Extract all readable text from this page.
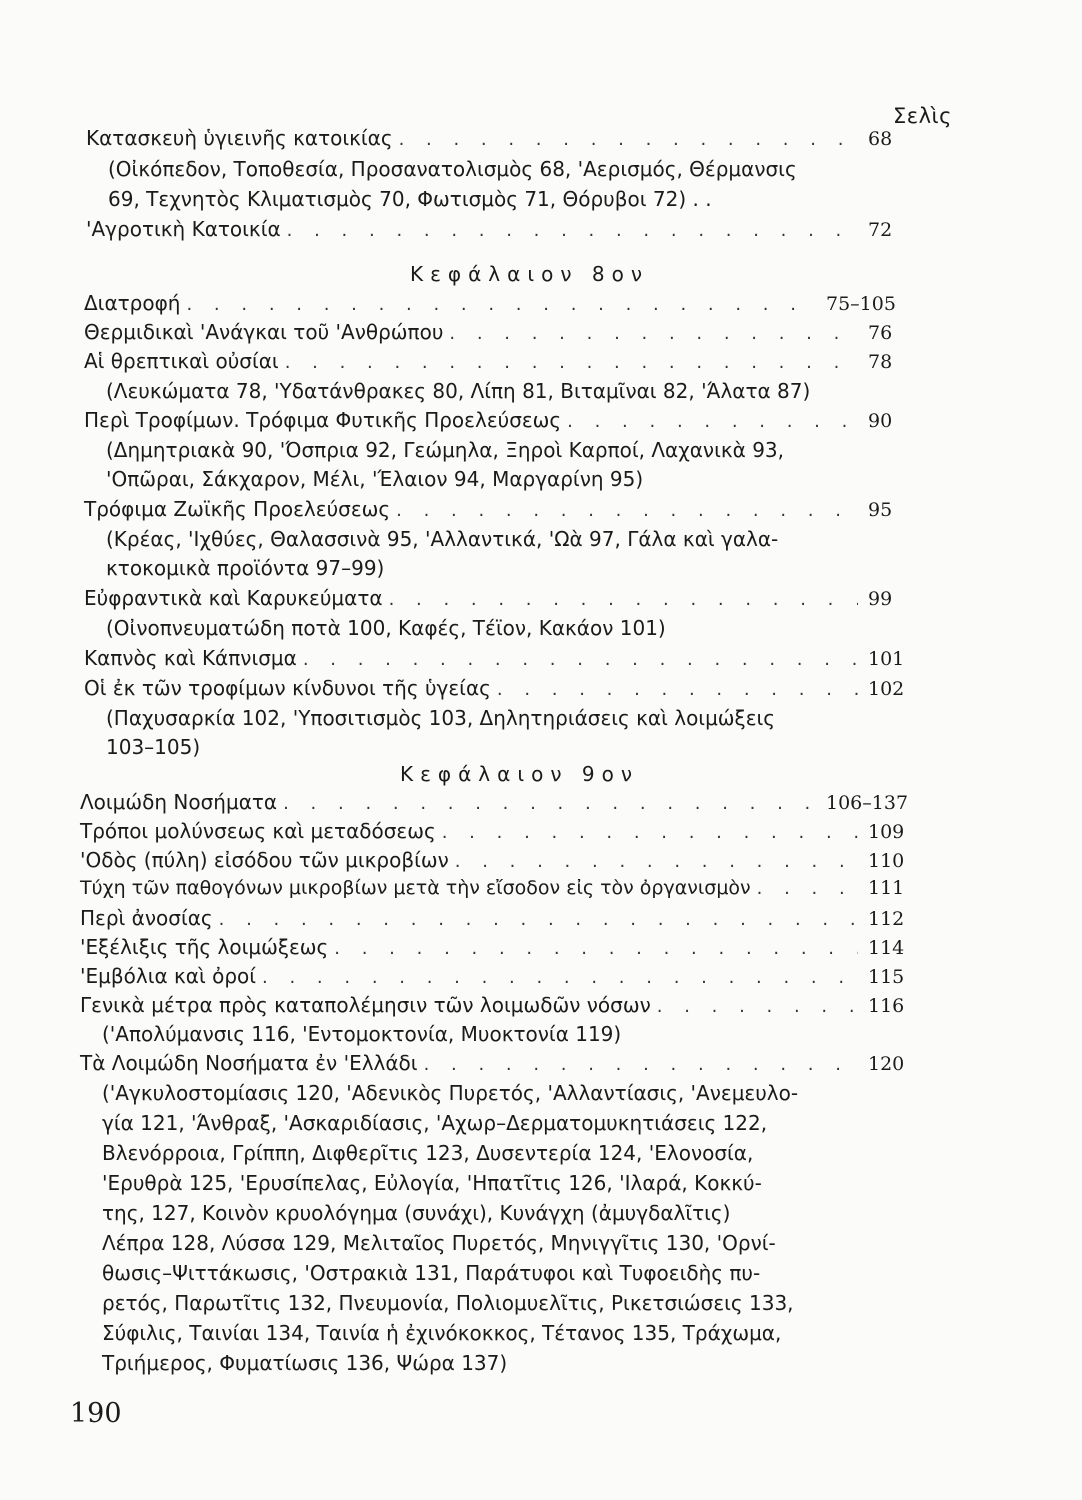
Σελὶς
Κατασκευὴ ὑγιεινῆς κατοικίας . . .	68
(Οἰκόπεδον, Τοποθεσία, Προσανατολισμὸς 68, 'Αερισμός, Θέρμανσις
69, Τεχνητὸς Κλιματισμὸς 70, Φωτισμὸς 71, Θόρυβοι 72) . .
'Αγροτικὴ Κατοικία . . .	72
Κεφάλαιον 8ον
Διατροφή . . .	75–105
Θερμιδικαὶ 'Ανάγκαι τοῦ 'Ανθρώπου . . .	76
Αἱ θρεπτικαὶ οὐσίαι . . .	78
(Λευκώματα 78, 'Υδατάνθρακες 80, Λίπη 81, Βιταμῖναι 82, 'Άλατα 87)
Περὶ Τροφίμων. Τρόφιμα Φυτικῆς Προελεύσεως . . .	90
(Δημητριακὰ 90, 'Όσπρια 92, Γεώμηλα, Ξηροὶ Καρποί, Λαχανικὰ 93,
'Οπῶραι, Σάκχαρον, Μέλι, 'Έλαιον 94, Μαργαρίνη 95)
Τρόφιμα Ζωϊκῆς Προελεύσεως . . .	95
(Κρέας, 'Ιχθύες, Θαλασσινὰ 95, 'Αλλαντικά, 'Ωὰ 97, Γάλα καὶ γαλα-
κτοκομικὰ προϊόντα 97–99)
Εὐφραντικὰ καὶ Καρυκεύματα . . .	99
(Οἰνοπνευματώδη ποτὰ 100, Καφές, Τέϊον, Κακάον 101)
Καπνὸς καὶ Κάπνισμα . . .	101
Οἱ ἐκ τῶν τροφίμων κίνδυνοι τῆς ὑγείας . . .	102
(Παχυσαρκία 102, 'Υποσιτισμὸς 103, Δηλητηριάσεις καὶ λοιμώξεις
103–105)
Κεφάλαιον 9ον
Λοιμώδη Νοσήματα . . .	106–137
Τρόποι μολύνσεως καὶ μεταδόσεως . . .	109
'Οδὸς (πύλη) εἰσόδου τῶν μικροβίων . . .	110
Τύχη τῶν παθογόνων μικροβίων μετὰ τὴν εἴσοδον εἰς τὸν ὀργανισμὸν . . .	111
Περὶ ἀνοσίας . . .	112
'Εξέλιξις τῆς λοιμώξεως . . .	114
'Εμβόλια καὶ ὀροί . . .	115
Γενικὰ μέτρα πρὸς καταπολέμησιν τῶν λοιμωδῶν νόσων . . .	116
('Απολύμανσις 116, 'Εντομοκτονία, Μυοκτονία 119)
Τὰ Λοιμώδη Νοσήματα ἐν 'Ελλάδι . . .	120
('Αγκυλοστομίασις 120, 'Αδενικὸς Πυρετός, 'Αλλαντίασις, 'Ανεμευλο-
γία 121, 'Άνθραξ, 'Ασκαριδίασις, 'Αχωρ–Δερματομυκητιάσεις 122,
Βλενόρροια, Γρίππη, Διφθερῖτις 123, Δυσεντερία 124, 'Ελονοσία,
'Ερυθρὰ 125, 'Ερυσίπελας, Εὐλογία, 'Ηπατῖτις 126, 'Ιλαρά, Κοκκύ-
της, 127, Κοινὸν κρυολόγημα (συνάχι), Κυνάγχη (ἀμυγδαλῖτις)
Λέπρα 128, Λύσσα 129, Μελιταῖος Πυρετός, Μηνιγγῖτις 130, 'Ορνί-
θωσις–Ψιττάκωσις, 'Οστρακιὰ 131, Παράτυφοι καὶ Τυφοειδὴς πυ-
ρετός, Παρωτῖτις 132, Πνευμονία, Πολιομυελῖτις, Ρικετσιώσεις 133,
Σύφιλις, Ταινίαι 134, Ταινία ἡ ἐχινόκοκκος, Τέτανος 135, Τράχωμα,
Τριήμερος, Φυματίωσις 136, Ψώρα 137)
190
